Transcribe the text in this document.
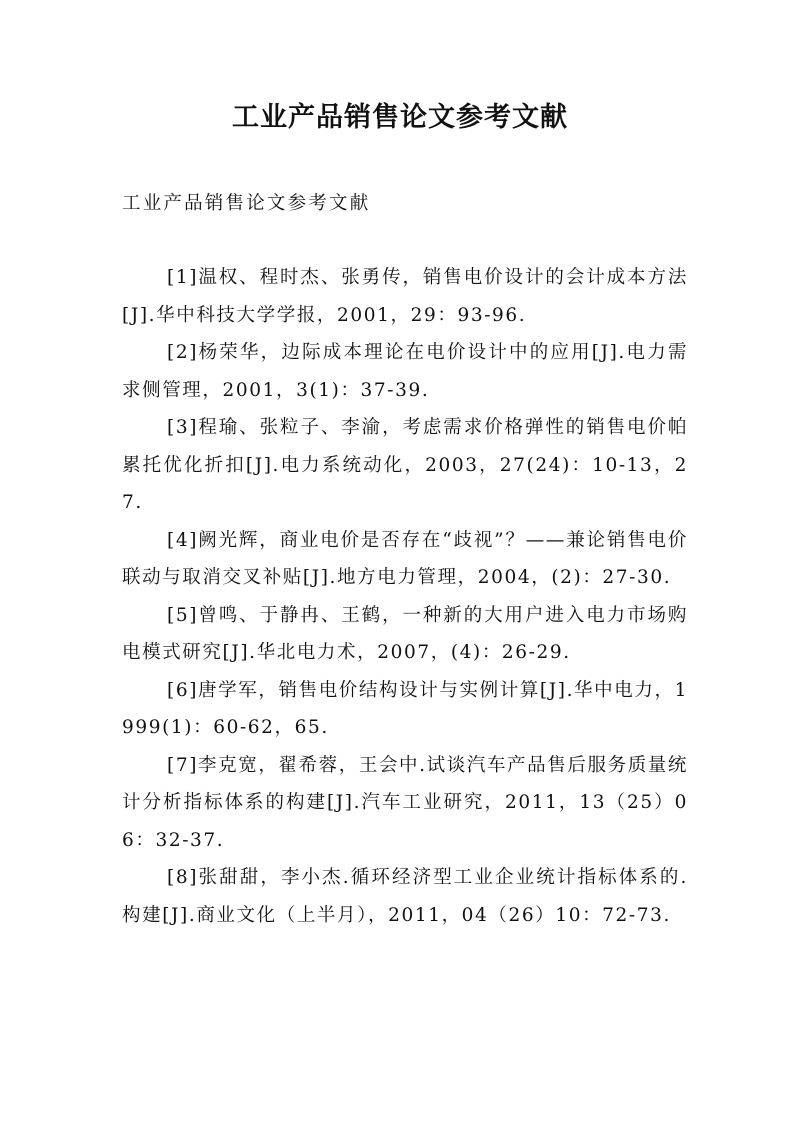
工业产品销售论文参考文献

工业产品销售论文参考文献

[1]温权、程时杰、张勇传，销售电价设计的会计成本方法[J].华中科技大学学报，2001，29：93-96.
[2]杨荣华，边际成本理论在电价设计中的应用[J].电力需求侧管理，2001，3(1)：37-39.
[3]程瑜、张粒子、李渝，考虑需求价格弹性的销售电价帕累托优化折扣[J].电力系统动化，2003，27(24)：10-13，27.
[4]阙光辉，商业电价是否存在“歧视”？——兼论销售电价联动与取消交叉补贴[J].地方电力管理，2004，(2)：27-30.
[5]曾鸣、于静冉、王鹤，一种新的大用户进入电力市场购电模式研究[J].华北电力术，2007，(4)：26-29.
[6]唐学军，销售电价结构设计与实例计算[J].华中电力，1999(1)：60-62，65.
[7]李克宽，翟希蓉，王会中.试谈汽车产品售后服务质量统计分析指标体系的构建[J].汽车工业研究，2011，13（25）06：32-37.
[8]张甜甜，李小杰.循环经济型工业企业统计指标体系的.构建[J].商业文化（上半月），2011，04（26）10：72-73.
